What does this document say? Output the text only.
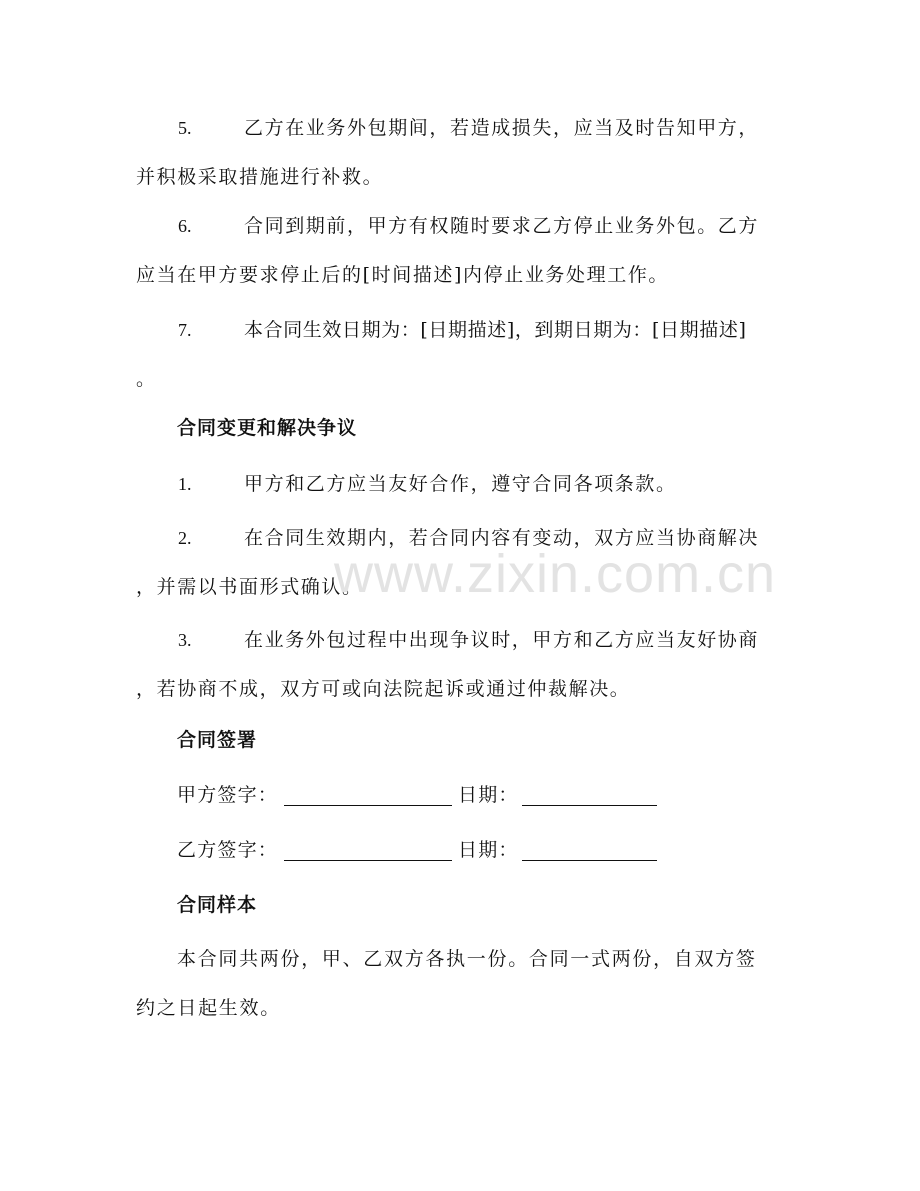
5.	乙方在业务外包期间，若造成损失，应当及时告知甲方，
并积极采取措施进行补救。
6.	合同到期前，甲方有权随时要求乙方停止业务外包。乙方
应当在甲方要求停止后的[时间描述]内停止业务处理工作。
7.	本合同生效日期为：[日期描述]，到期日期为：[日期描述]
。
合同变更和解决争议
1.	甲方和乙方应当友好合作，遵守合同各项条款。
2.	在合同生效期内，若合同内容有变动，双方应当协商解决
，并需以书面形式确认。
3.	在业务外包过程中出现争议时，甲方和乙方应当友好协商
，若协商不成，双方可或向法院起诉或通过仲裁解决。
合同签署
甲方签字：	日期：
乙方签字：	日期：
合同样本
本合同共两份，甲、乙双方各执一份。合同一式两份，自双方签
约之日起生效。
www.zixin.com.cn
